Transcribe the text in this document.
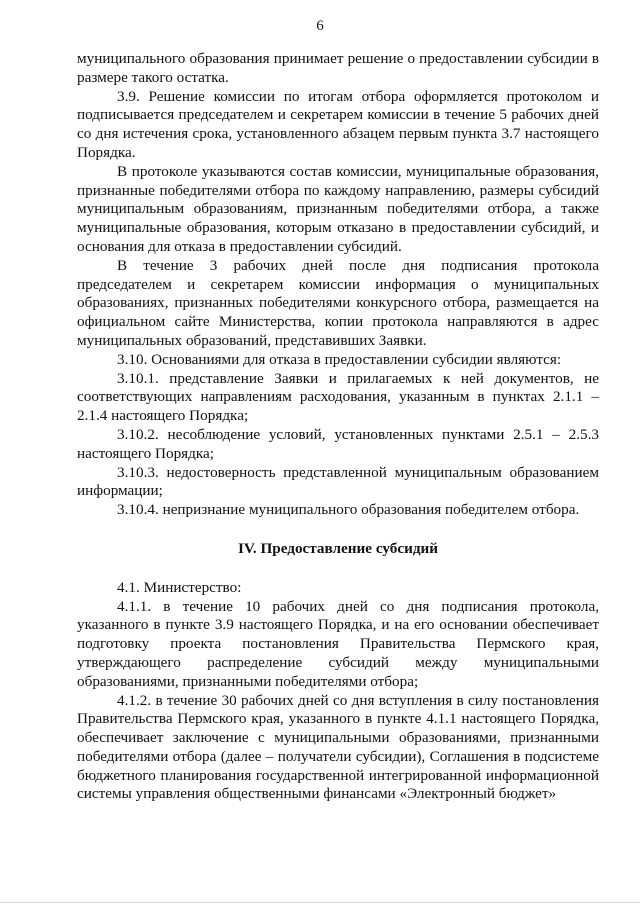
6

муниципального образования принимает решение о предоставлении субсидии в размере такого остатка.

3.9. Решение комиссии по итогам отбора оформляется протоколом и подписывается председателем и секретарем комиссии в течение 5 рабочих дней со дня истечения срока, установленного абзацем первым пункта 3.7 настоящего Порядка.

В протоколе указываются состав комиссии, муниципальные образования, признанные победителями отбора по каждому направлению, размеры субсидий муниципальным образованиям, признанным победителями отбора, а также муниципальные образования, которым отказано в предоставлении субсидий, и основания для отказа в предоставлении субсидий.

В течение 3 рабочих дней после дня подписания протокола председателем и секретарем комиссии информация о муниципальных образованиях, признанных победителями конкурсного отбора, размещается на официальном сайте Министерства, копии протокола направляются в адрес муниципальных образований, представивших Заявки.

3.10. Основаниями для отказа в предоставлении субсидии являются:

3.10.1. представление Заявки и прилагаемых к ней документов, не соответствующих направлениям расходования, указанным в пунктах 2.1.1 – 2.1.4 настоящего Порядка;

3.10.2. несоблюдение условий, установленных пунктами 2.5.1 – 2.5.3 настоящего Порядка;

3.10.3. недостоверность представленной муниципальным образованием информации;

3.10.4. непризнание муниципального образования победителем отбора.

IV. Предоставление субсидий

4.1. Министерство:

4.1.1. в течение 10 рабочих дней со дня подписания протокола, указанного в пункте 3.9 настоящего Порядка, и на его основании обеспечивает подготовку проекта постановления Правительства Пермского края, утверждающего распределение субсидий между муниципальными образованиями, признанными победителями отбора;

4.1.2. в течение 30 рабочих дней со дня вступления в силу постановления Правительства Пермского края, указанного в пункте 4.1.1 настоящего Порядка, обеспечивает заключение с муниципальными образованиями, признанными победителями отбора (далее – получатели субсидии), Соглашения в подсистеме бюджетного планирования государственной интегрированной информационной системы управления общественными финансами «Электронный бюджет»
